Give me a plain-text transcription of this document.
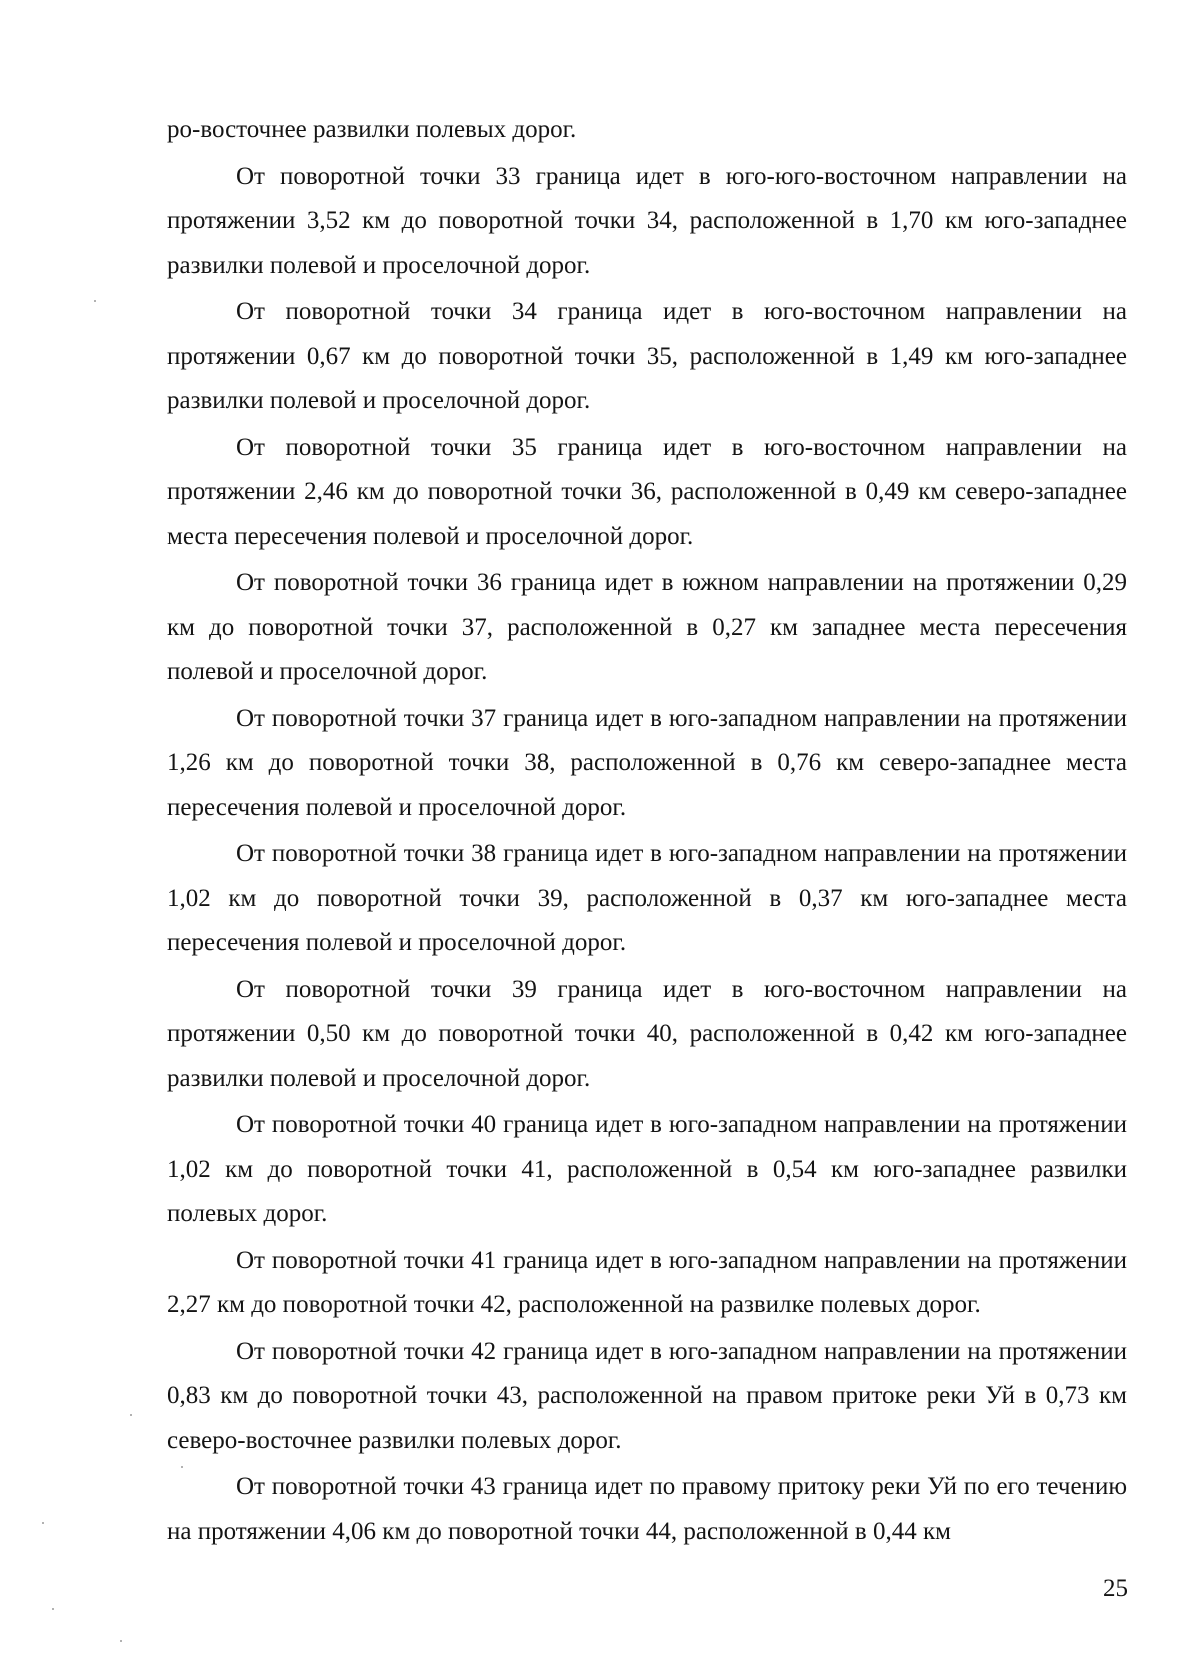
ро-восточнее развилки полевых дорог.

От поворотной точки 33 граница идет в юго-юго-восточном направлении на протяжении 3,52 км до поворотной точки 34, расположенной в 1,70 км юго-западнее развилки полевой и проселочной дорог.

От поворотной точки 34 граница идет в юго-восточном направлении на протяжении 0,67 км до поворотной точки 35, расположенной в 1,49 км юго-западнее развилки полевой и проселочной дорог.

От поворотной точки 35 граница идет в юго-восточном направлении на протяжении 2,46 км до поворотной точки 36, расположенной в 0,49 км северо-западнее места пересечения полевой и проселочной дорог.

От поворотной точки 36 граница идет в южном направлении на протяжении 0,29 км до поворотной точки 37, расположенной в 0,27 км западнее места пересечения полевой и проселочной дорог.

От поворотной точки 37 граница идет в юго-западном направлении на протяжении 1,26 км до поворотной точки 38, расположенной в 0,76 км северо-западнее места пересечения полевой и проселочной дорог.

От поворотной точки 38 граница идет в юго-западном направлении на протяжении 1,02 км до поворотной точки 39, расположенной в 0,37 км юго-западнее места пересечения полевой и проселочной дорог.

От поворотной точки 39 граница идет в юго-восточном направлении на протяжении 0,50 км до поворотной точки 40, расположенной в 0,42 км юго-западнее развилки полевой и проселочной дорог.

От поворотной точки 40 граница идет в юго-западном направлении на протяжении 1,02 км до поворотной точки 41, расположенной в 0,54 км юго-западнее развилки полевых дорог.

От поворотной точки 41 граница идет в юго-западном направлении на протяжении 2,27 км до поворотной точки 42, расположенной на развилке полевых дорог.

От поворотной точки 42 граница идет в юго-западном направлении на протяжении 0,83 км до поворотной точки 43, расположенной на правом притоке реки Уй в 0,73 км северо-восточнее развилки полевых дорог.

От поворотной точки 43 граница идет по правому притоку реки Уй по его течению на протяжении 4,06 км до поворотной точки 44, расположенной в 0,44 км

25
